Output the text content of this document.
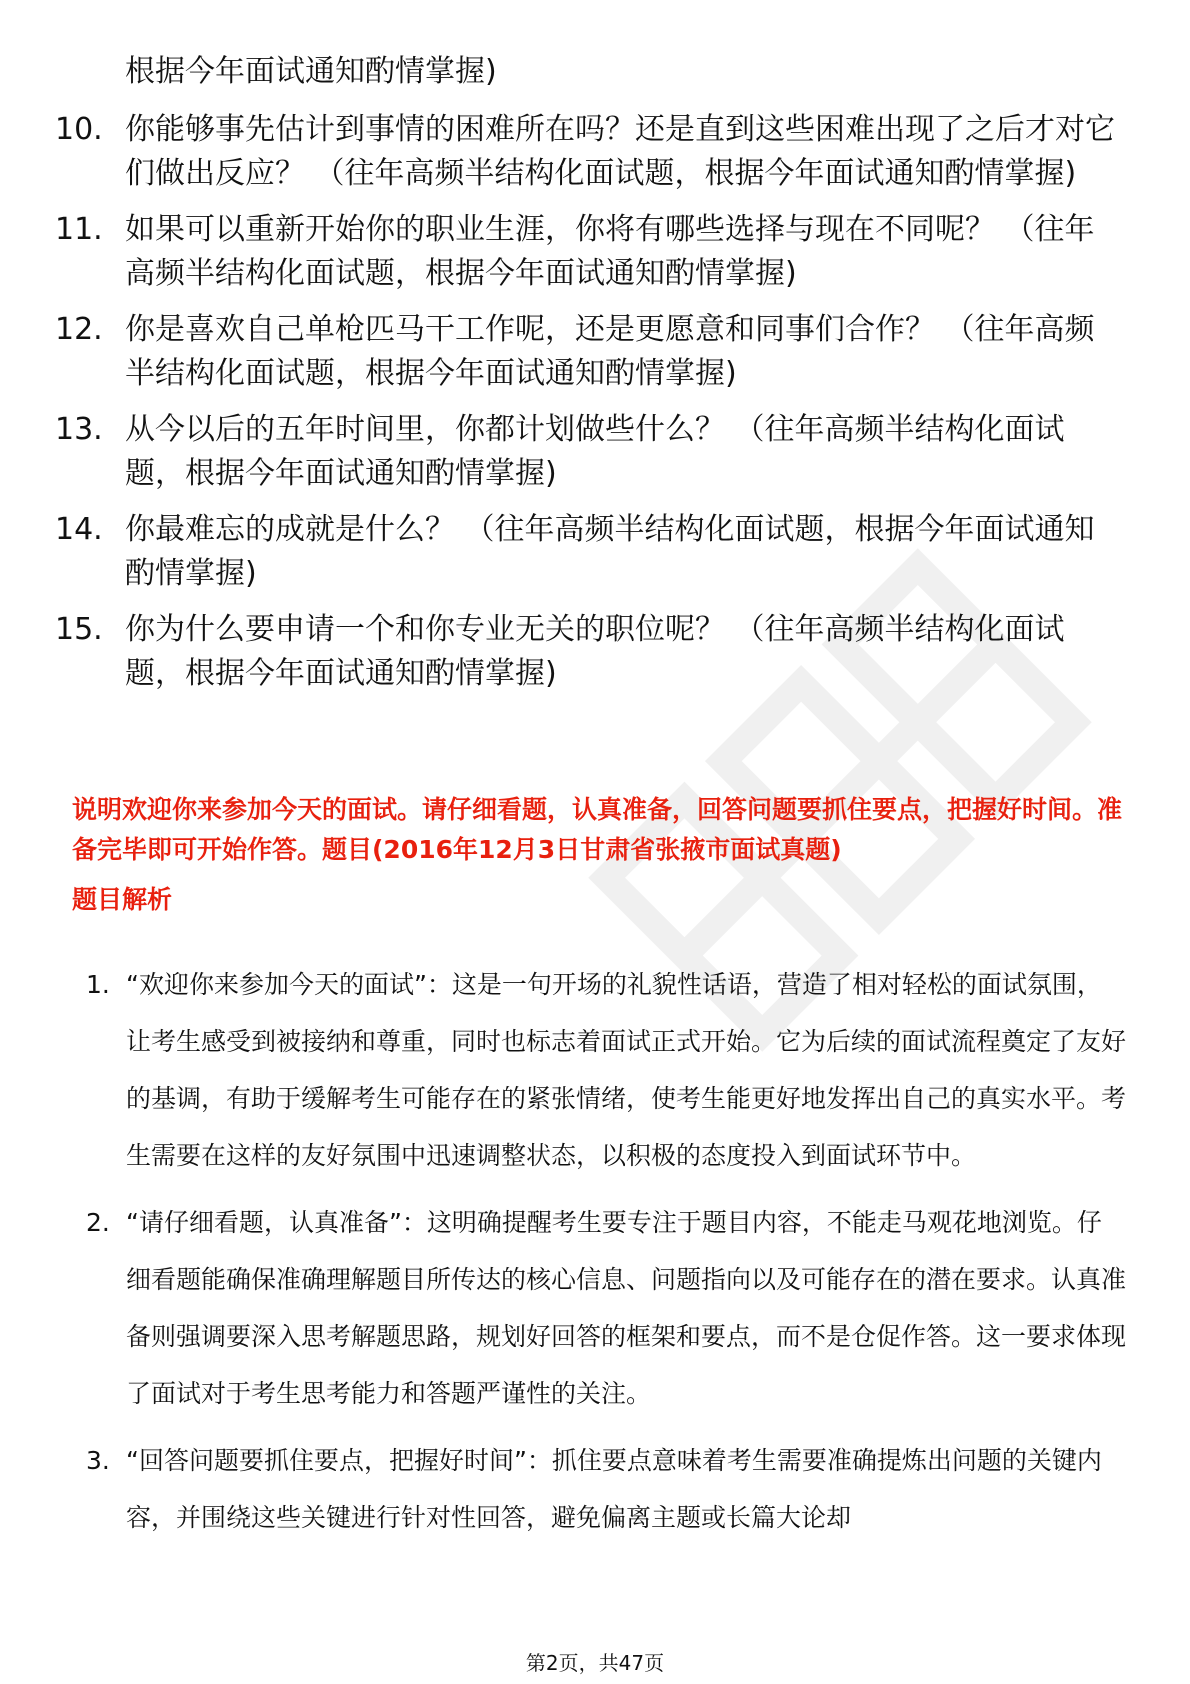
根据今年面试通知酌情掌握)
10. 你能够事先估计到事情的困难所在吗？还是直到这些困难出现了之后才对它们做出反应？ （往年高频半结构化面试题，根据今年面试通知酌情掌握)
11. 如果可以重新开始你的职业生涯，你将有哪些选择与现在不同呢？ （往年高频半结构化面试题，根据今年面试通知酌情掌握)
12. 你是喜欢自己单枪匹马干工作呢，还是更愿意和同事们合作？ （往年高频半结构化面试题，根据今年面试通知酌情掌握)
13. 从今以后的五年时间里，你都计划做些什么？ （往年高频半结构化面试题，根据今年面试通知酌情掌握)
14. 你最难忘的成就是什么？ （往年高频半结构化面试题，根据今年面试通知酌情掌握)
15. 你为什么要申请一个和你专业无关的职位呢？ （往年高频半结构化面试题，根据今年面试通知酌情掌握)
说明欢迎你来参加今天的面试。请仔细看题，认真准备，回答问题要抓住要点，把握好时间。准备完毕即可开始作答。题目(2016年12月3日甘肃省张掖市面试真题)
题目解析
1. “欢迎你来参加今天的面试”：这是一句开场的礼貌性话语，营造了相对轻松的面试氛围，让考生感受到被接纳和尊重，同时也标志着面试正式开始。它为后续的面试流程奠定了友好的基调，有助于缓解考生可能存在的紧张情绪，使考生能更好地发挥出自己的真实水平。考生需要在这样的友好氛围中迅速调整状态，以积极的态度投入到面试环节中。
2. “请仔细看题，认真准备”：这明确提醒考生要专注于题目内容，不能走马观花地浏览。仔细看题能确保准确理解题目所传达的核心信息、问题指向以及可能存在的潜在要求。认真准备则强调要深入思考解题思路，规划好回答的框架和要点，而不是仓促作答。这一要求体现了面试对于考生思考能力和答题严谨性的关注。
3. “回答问题要抓住要点，把握好时间”：抓住要点意味着考生需要准确提炼出问题的关键内容，并围绕这些关键进行针对性回答，避免偏离主题或长篇大论却
第2页，共47页
